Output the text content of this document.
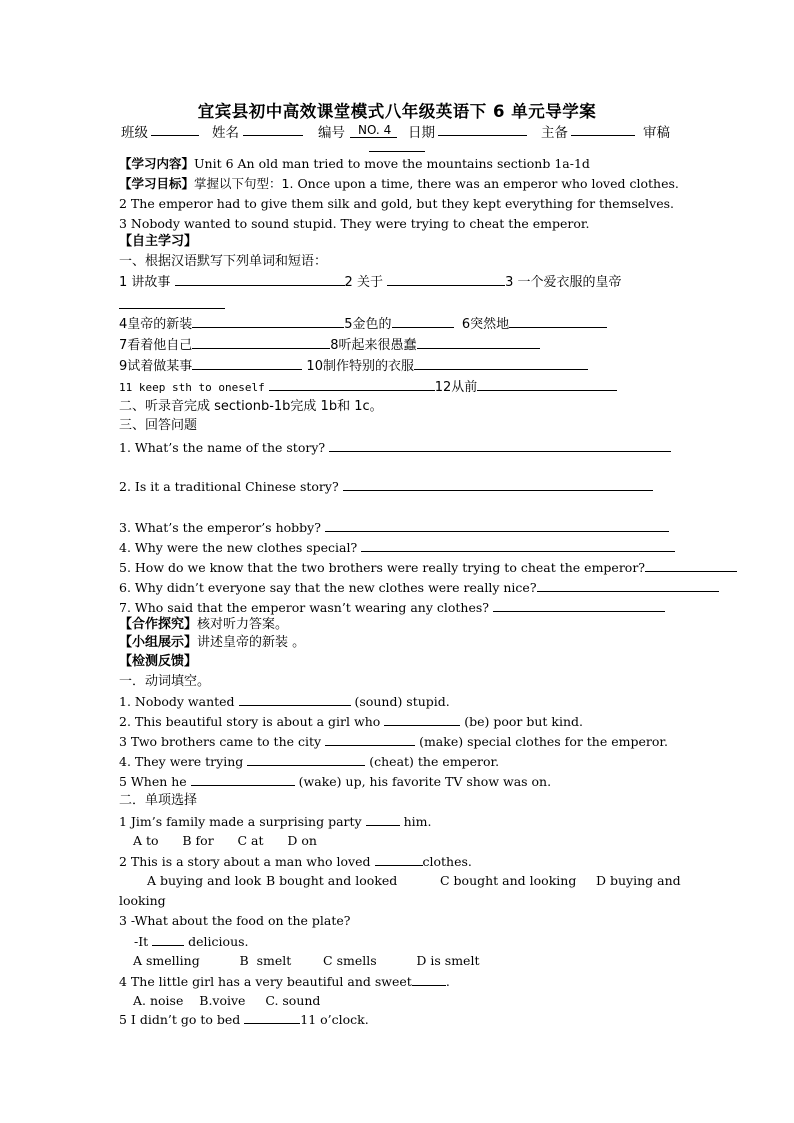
宜宾县初中高效课堂模式八年级英语下 6 单元导学案
班级	姓名	编号	NO. 4	日期	主备	审稿
【学习内容】Unit 6 An old man tried to move the mountains sectionb 1a-1d
【学习目标】掌握以下句型：1. Once upon a time, there was an emperor who loved clothes.
2 The emperor had to give them silk and gold, but they kept everything for themselves.
3 Nobody wanted to sound stupid. They were trying to cheat the emperor.
【自主学习】
一、根据汉语默写下列单词和短语：
1 讲故事	2 关于	3 一个爱衣服的皇帝
4皇帝的新装	5金色的	6突然地
7看着他自己	8听起来很愚蠢
9试着做某事	10制作特别的衣服
11 keep sth to oneself	12从前
二、听录音完成 sectionb-1b完成 1b和 1c。
三、回答问题
1. What’s the name of the story?
2. Is it a traditional Chinese story?
3. What’s the emperor’s hobby?
4. Why were the new clothes special?
5. How do we know that the two brothers were really trying to cheat the emperor?
6. Why didn’t everyone say that the new clothes were really nice?
7. Who said that the emperor wasn’t wearing any clothes?
【合作探究】核对听力答案。
【小组展示】讲述皇帝的新装 。
【检测反馈】
一．动词填空。
1. Nobody wanted	(sound) stupid.
2. This beautiful story is about a girl who	(be) poor but kind.
3 Two brothers came to the city	(make) special clothes for the emperor.
4. They were trying	(cheat) the emperor.
5 When he	(wake) up, his favorite TV show was on.
二．单项选择
1 Jim’s family made a surprising party	him.
A to      B for      C at      D on
2 This is a story about a man who loved	clothes.
A buying and look B bought and looked	C bought and looking D buying and
looking
3 -What about the food on the plate?
-It	delicious.
A smelling          B  smelt        C smells          D is smelt
4 The little girl has a very beautiful and sweet	.
A. noise    B.voive     C. sound
5 I didn’t go to bed	11 o’clock.
